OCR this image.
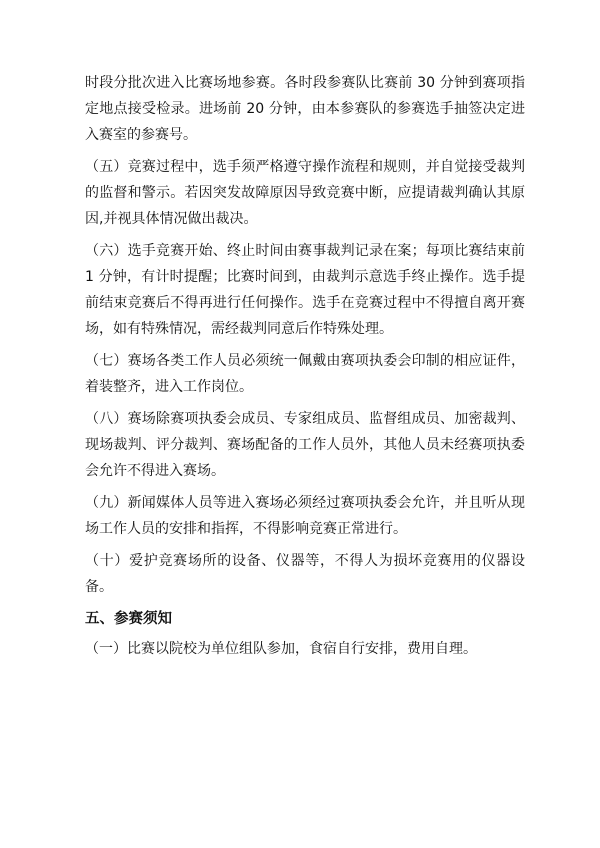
时段分批次进入比赛场地参赛。各时段参赛队比赛前 30 分钟到赛项指定地点接受检录。进场前 20 分钟，由本参赛队的参赛选手抽签决定进入赛室的参赛号。

（五）竞赛过程中，选手须严格遵守操作流程和规则，并自觉接受裁判的监督和警示。若因突发故障原因导致竞赛中断，应提请裁判确认其原因,并视具体情况做出裁决。

（六）选手竞赛开始、终止时间由赛事裁判记录在案；每项比赛结束前 1 分钟，有计时提醒；比赛时间到，由裁判示意选手终止操作。选手提前结束竞赛后不得再进行任何操作。选手在竞赛过程中不得擅自离开赛场，如有特殊情况，需经裁判同意后作特殊处理。

（七）赛场各类工作人员必须统一佩戴由赛项执委会印制的相应证件，着装整齐，进入工作岗位。

（八）赛场除赛项执委会成员、专家组成员、监督组成员、加密裁判、现场裁判、评分裁判、赛场配备的工作人员外，其他人员未经赛项执委会允许不得进入赛场。

（九）新闻媒体人员等进入赛场必须经过赛项执委会允许，并且听从现场工作人员的安排和指挥，不得影响竞赛正常进行。

（十）爱护竞赛场所的设备、仪器等，不得人为损坏竞赛用的仪器设备。

五、参赛须知

（一）比赛以院校为单位组队参加，食宿自行安排，费用自理。
